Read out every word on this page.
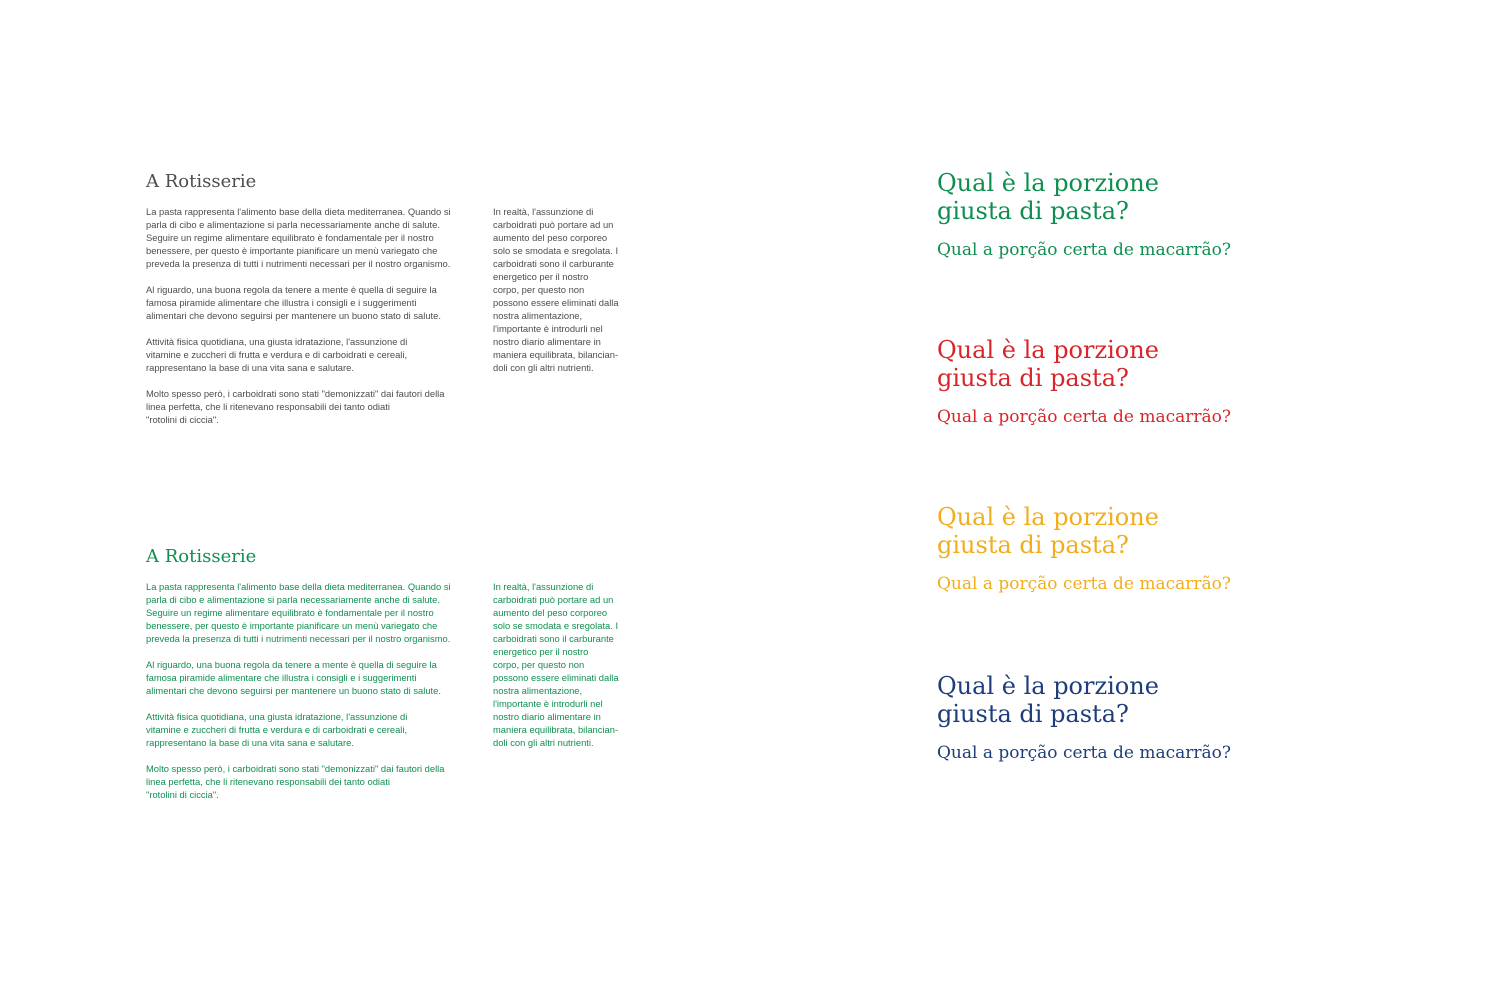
A Rotisserie

La pasta rappresenta l'alimento base della dieta mediterranea. Quando si
parla di cibo e alimentazione si parla necessariamente anche di salute.
Seguire un regime alimentare equilibrato è fondamentale per il nostro
benessere, per questo è importante pianificare un menù variegato che
preveda la presenza di tutti i nutrimenti necessari per il nostro organismo.

Al riguardo, una buona regola da tenere a mente è quella di seguire la
famosa piramide alimentare che illustra i consigli e i suggerimenti
alimentari che devono seguirsi per mantenere un buono stato di salute.

Attività fisica quotidiana, una giusta idratazione, l'assunzione di
vitamine e zuccheri di frutta e verdura e di carboidrati e cereali,
rappresentano la base di una vita sana e salutare.

Molto spesso però, i carboidrati sono stati "demonizzati" dai fautori della
linea perfetta, che li ritenevano responsabili dei tanto odiati
"rotolini di ciccia".

In realtà, l'assunzione di
carboidrati può portare ad un
aumento del peso corporeo
solo se smodata e sregolata. I
carboidrati sono il carburante
energetico per il nostro
corpo, per questo non
possono essere eliminati dalla
nostra alimentazione,
l'importante è introdurli nel
nostro diario alimentare in
maniera equilibrata, bilancian-
doli con gli altri nutrienti.

A Rotisserie

La pasta rappresenta l'alimento base della dieta mediterranea. Quando si
parla di cibo e alimentazione si parla necessariamente anche di salute.
Seguire un regime alimentare equilibrato è fondamentale per il nostro
benessere, per questo è importante pianificare un menù variegato che
preveda la presenza di tutti i nutrimenti necessari per il nostro organismo.

Al riguardo, una buona regola da tenere a mente è quella di seguire la
famosa piramide alimentare che illustra i consigli e i suggerimenti
alimentari che devono seguirsi per mantenere un buono stato di salute.

Attività fisica quotidiana, una giusta idratazione, l'assunzione di
vitamine e zuccheri di frutta e verdura e di carboidrati e cereali,
rappresentano la base di una vita sana e salutare.

Molto spesso però, i carboidrati sono stati "demonizzati" dai fautori della
linea perfetta, che li ritenevano responsabili dei tanto odiati
"rotolini di ciccia".

In realtà, l'assunzione di
carboidrati può portare ad un
aumento del peso corporeo
solo se smodata e sregolata. I
carboidrati sono il carburante
energetico per il nostro
corpo, per questo non
possono essere eliminati dalla
nostra alimentazione,
l'importante è introdurli nel
nostro diario alimentare in
maniera equilibrata, bilancian-
doli con gli altri nutrienti.

Qual è la porzione
giusta di pasta?
Qual a porção certa de macarrão?
Qual è la porzione
giusta di pasta?
Qual a porção certa de macarrão?
Qual è la porzione
giusta di pasta?
Qual a porção certa de macarrão?
Qual è la porzione
giusta di pasta?
Qual a porção certa de macarrão?
